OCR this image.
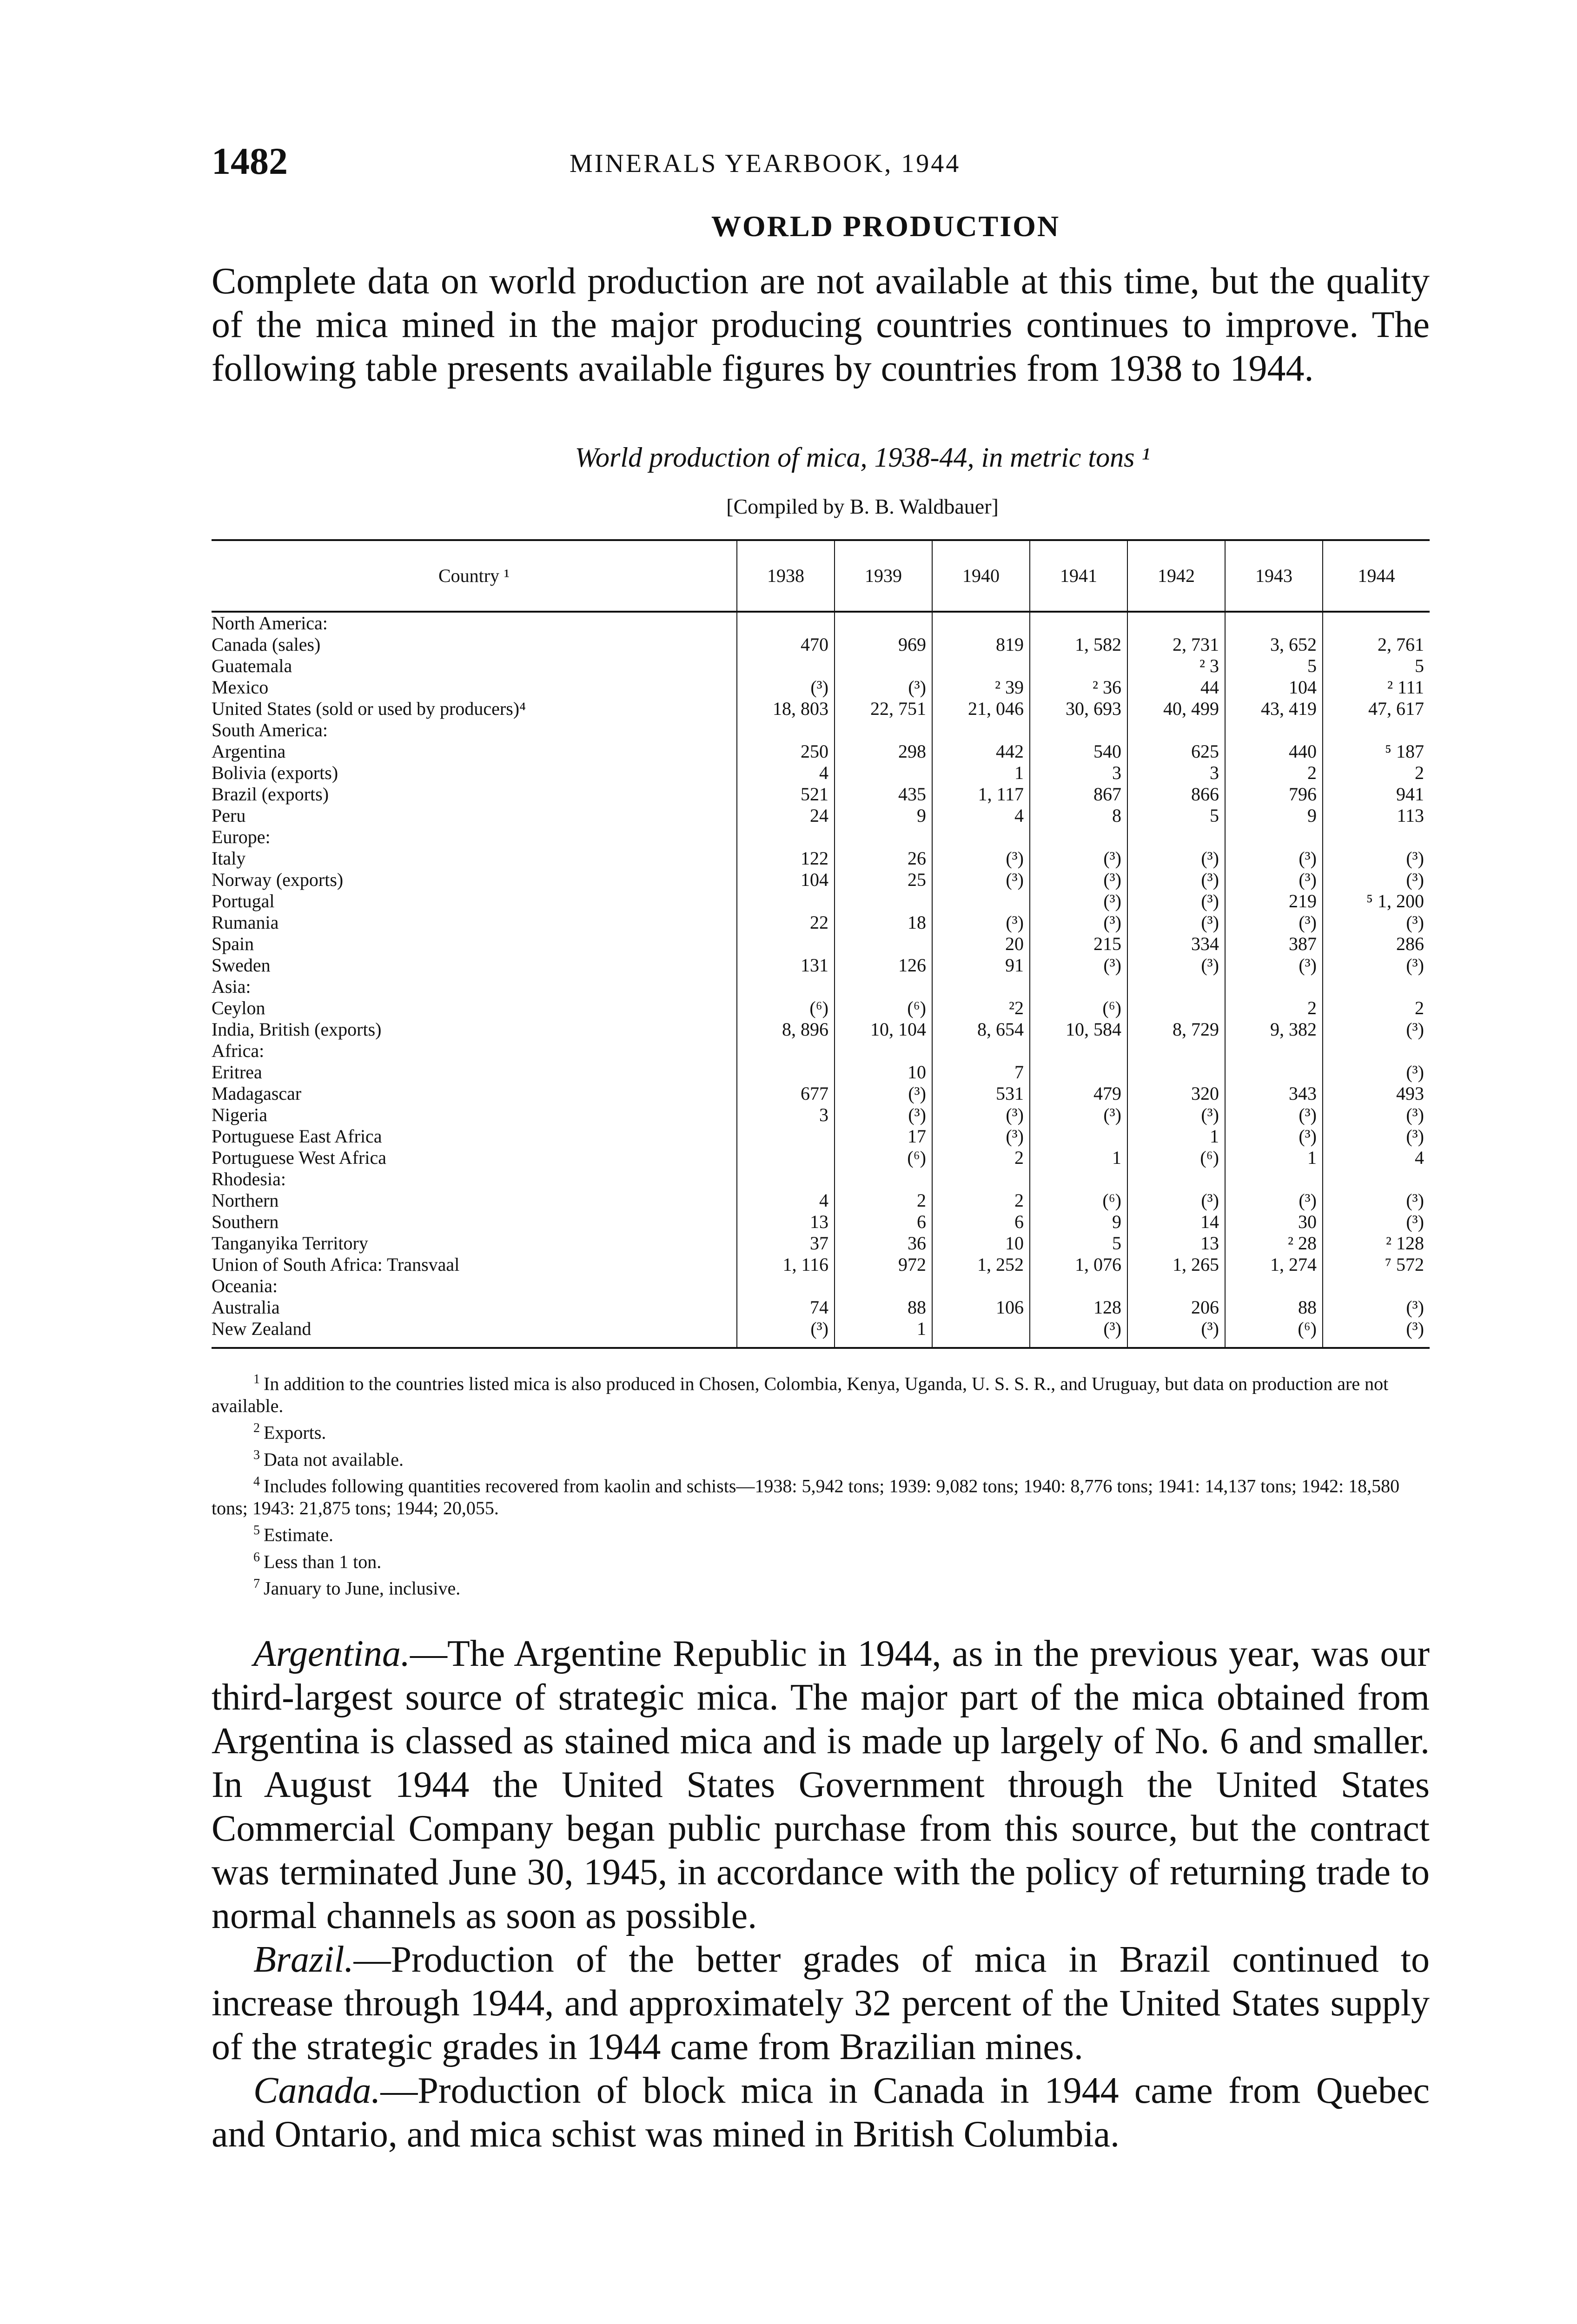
1482	MINERALS YEARBOOK, 1944
WORLD PRODUCTION

Complete data on world production are not available at this time, but the quality of the mica mined in the major producing countries continues to improve. The following table presents available figures by countries from 1938 to 1944.

World production of mica, 1938-44, in metric tons ¹
[Compiled by B. B. Waldbauer]
Country ¹	1938	1939	1940	1941	1942	1943	1944
North America:							
Canada (sales)	470	969	819	1, 582	2, 731	3, 652	2, 761
Guatemala					² 3	5	5
Mexico	(³)	(³)	² 39	² 36	44	104	² 111
United States (sold or used by producers)⁴	18, 803	22, 751	21, 046	30, 693	40, 499	43, 419	47, 617
South America:							
Argentina	250	298	442	540	625	440	⁵ 187
Bolivia (exports)	4		1	3	3	2	2
Brazil (exports)	521	435	1, 117	867	866	796	941
Peru	24	9	4	8	5	9	113
Europe:							
Italy	122	26	(³)	(³)	(³)	(³)	(³)
Norway (exports)	104	25	(³)	(³)	(³)	(³)	(³)
Portugal				(³)	(³)	219	⁵ 1, 200
Rumania	22	18	(³)	(³)	(³)	(³)	(³)
Spain			20	215	334	387	286
Sweden	131	126	91	(³)	(³)	(³)	(³)
Asia:							
Ceylon	(⁶)	(⁶)	²2	(⁶)		2	2
India, British (exports)	8, 896	10, 104	8, 654	10, 584	8, 729	9, 382	(³)
Africa:							
Eritrea		10	7				(³)
Madagascar	677	(³)	531	479	320	343	493
Nigeria	3	(³)	(³)	(³)	(³)	(³)	(³)
Portuguese East Africa		17	(³)		1	(³)	(³)
Portuguese West Africa		(⁶)	2	1	(⁶)	1	4
Rhodesia:							
Northern	4	2	2	(⁶)	(³)	(³)	(³)
Southern	13	6	6	9	14	30	(³)
Tanganyika Territory	37	36	10	5	13	² 28	² 128
Union of South Africa: Transvaal	1, 116	972	1, 252	1, 076	1, 265	1, 274	⁷ 572
Oceania:							
Australia	74	88	106	128	206	88	(³)
New Zealand	(³)	1		(³)	(³)	(⁶)	(³)

$^1$ In addition to the countries listed mica is also produced in Chosen, Colombia, Kenya, Uganda, U. S. S. R., and Uruguay, but data on production are not available.
$^2$ Exports.
$^3$ Data not available.
$^4$ Includes following quantities recovered from kaolin and schists—1938: 5,942 tons; 1939: 9,082 tons; 1940: 8,776 tons; 1941: 14,137 tons; 1942: 18,580 tons; 1943: 21,875 tons; 1944; 20,055.
$^5$ Estimate.
$^6$ Less than 1 ton.
$^7$ January to June, inclusive.

Argentina.—The Argentine Republic in 1944, as in the previous year, was our third-largest source of strategic mica. The major part of the mica obtained from Argentina is classed as stained mica and is made up largely of No. 6 and smaller. In August 1944 the United States Government through the United States Commercial Company began public purchase from this source, but the contract was terminated June 30, 1945, in accordance with the policy of returning trade to normal channels as soon as possible.

Brazil.—Production of the better grades of mica in Brazil continued to increase through 1944, and approximately 32 percent of the United States supply of the strategic grades in 1944 came from Brazilian mines.

Canada.—Production of block mica in Canada in 1944 came from Quebec and Ontario, and mica schist was mined in British Columbia.
